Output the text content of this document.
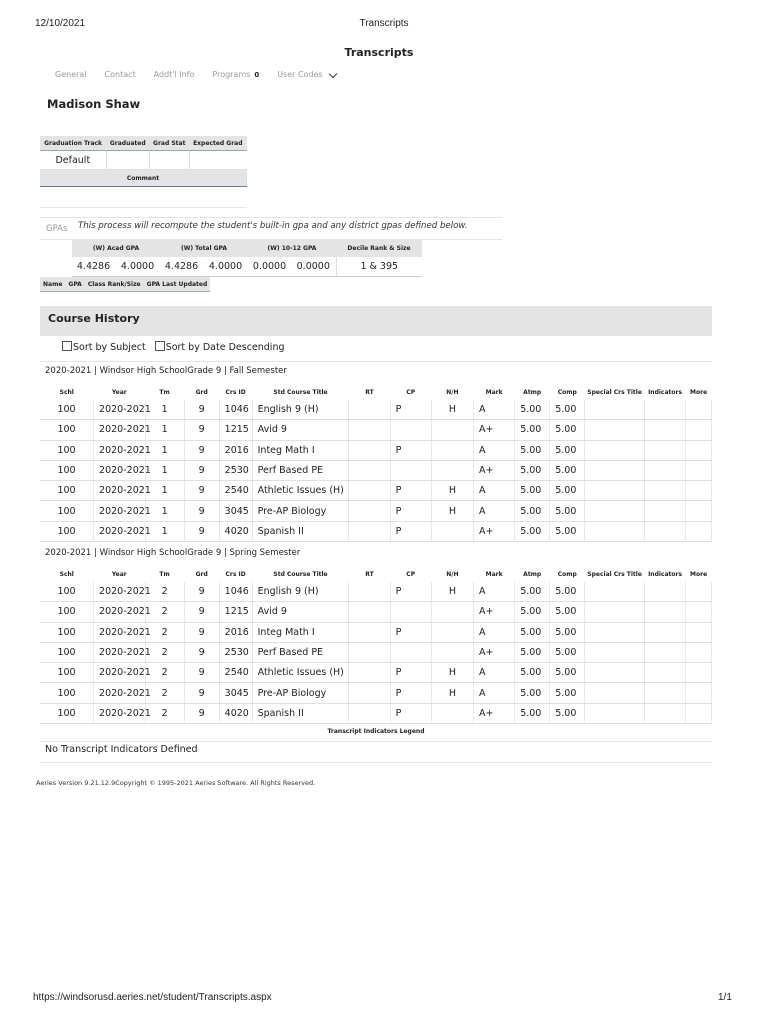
12/10/2021	Transcripts
Transcripts
General Contact Addt'l Info Programs 0 User Codes
Madison Shaw
Graduation Track	Graduated	Grad Stat	Expected Grad
Default			
Comment			
GPAs This process will recompute the student's built-in gpa and any district gpas defined below.
(W) Acad GPA		(W) Total GPA		(W) 10-12 GPA		Decile Rank & Size
4.4286	4.0000	4.4286	4.0000	0.0000	0.0000	1 & 395
Name	GPA	Class Rank/Size	GPA Last Updated
Course History
Sort by Subject	Sort by Date Descending
2020-2021 | Windsor High SchoolGrade 9 | Fall Semester
Schl	Year	Tm	Grd	Crs ID	Std Course Title	RT	CP	N/H	Mark	Atmp	Comp	Special Crs Title	Indicators	More
100	2020-2021	1	9	1046	English 9 (H)		P	H	A	5.00	5.00			
100	2020-2021	1	9	1215	Avid 9				A+	5.00	5.00			
100	2020-2021	1	9	2016	Integ Math I		P		A	5.00	5.00			
100	2020-2021	1	9	2530	Perf Based PE				A+	5.00	5.00			
100	2020-2021	1	9	2540	Athletic Issues (H)		P	H	A	5.00	5.00			
100	2020-2021	1	9	3045	Pre-AP Biology		P	H	A	5.00	5.00			
100	2020-2021	1	9	4020	Spanish II		P		A+	5.00	5.00			
2020-2021 | Windsor High SchoolGrade 9 | Spring Semester
Schl	Year	Tm	Grd	Crs ID	Std Course Title	RT	CP	N/H	Mark	Atmp	Comp	Special Crs Title	Indicators	More
100	2020-2021	2	9	1046	English 9 (H)		P	H	A	5.00	5.00			
100	2020-2021	2	9	1215	Avid 9				A+	5.00	5.00			
100	2020-2021	2	9	2016	Integ Math I		P		A	5.00	5.00			
100	2020-2021	2	9	2530	Perf Based PE				A+	5.00	5.00			
100	2020-2021	2	9	2540	Athletic Issues (H)		P	H	A	5.00	5.00			
100	2020-2021	2	9	3045	Pre-AP Biology		P	H	A	5.00	5.00			
100	2020-2021	2	9	4020	Spanish II		P		A+	5.00	5.00			
Transcript Indicators Legend
No Transcript Indicators Defined
Aeries Version 9.21.12.9Copyright © 1995-2021 Aeries Software. All Rights Reserved.
https://windsorusd.aeries.net/student/Transcripts.aspx	1/1
